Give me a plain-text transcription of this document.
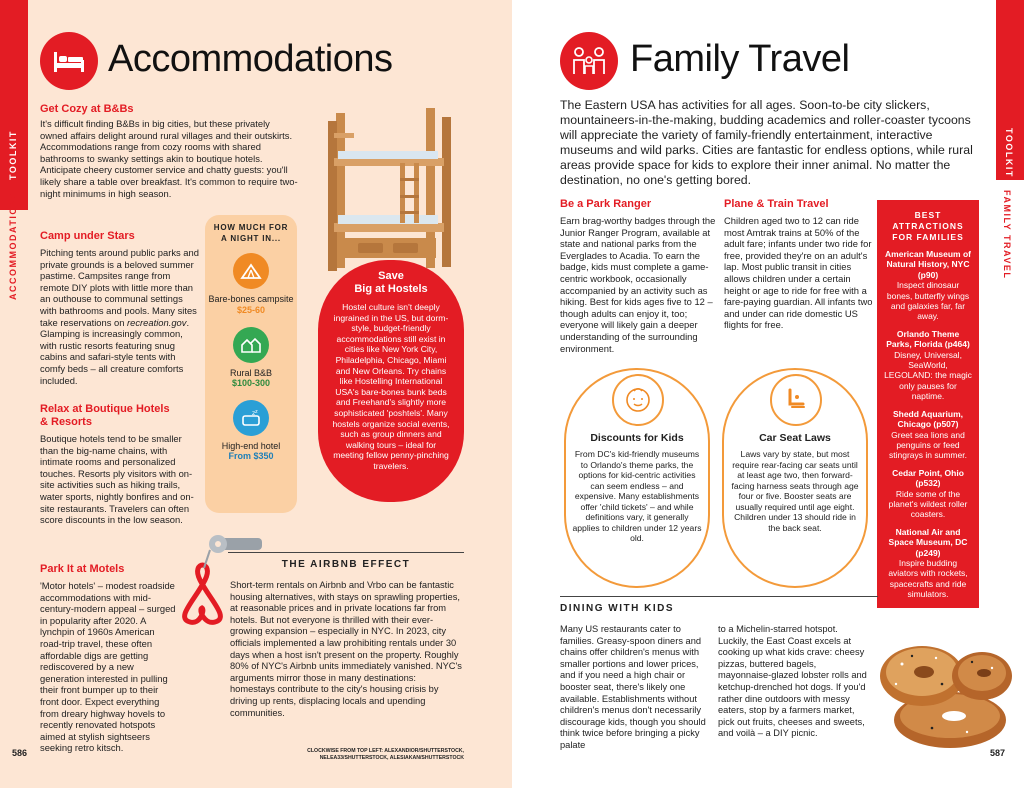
TOOLKIT
ACCOMMODATIONS
Accommodations
Get Cozy at B&Bs

It's difficult finding B&Bs in big cities, but these privately owned affairs delight around rural villages and their outskirts. Accommodations range from cozy rooms with shared bathrooms to swanky settings akin to boutique hotels. Anticipate cheery customer service and chatty guests: you'll likely share a table over breakfast. It's common to require two-night minimums in high season.

Camp under Stars

Pitching tents around public parks and private grounds is a beloved summer pastime. Campsites range from remote DIY plots with little more than an outhouse to communal settings with bathrooms and pools. Many sites take reservations on recreation.gov. Glamping is increasingly common, with rustic resorts featuring snug cabins and safari-style tents with comfy beds – all creature comforts included.

Relax at Boutique Hotels
& Resorts

Boutique hotels tend to be smaller than the big-name chains, with intimate rooms and personalized touches. Resorts ply visitors with on-site activities such as hiking trails, water sports, nightly bonfires and on-site restaurants. Travelers can often score discounts in the low season.

Park It at Motels

'Motor hotels' – modest roadside accommodations with mid-century-modern appeal – surged in popularity after 2020. A lynchpin of 1960s American road-trip travel, these often affordable digs are getting rediscovered by a new generation interested in pulling their front bumper up to their front door. Expect everything from dreary highway hovels to recently renovated hotspots aimed at stylish sightseers seeking retro kitsch.

HOW MUCH FOR A NIGHT IN...
Bare-bones campsite
$25-60
Rural B&B
$100-300
z z
High-end hotel
From $350
Save
Big at Hostels

Hostel culture isn't deeply ingrained in the US, but dorm-style, budget-friendly accommodations still exist in cities like New York City, Philadelphia, Chicago, Miami and New Orleans. Try chains like Hostelling International USA's bare-bones bunk beds and Freehand's slightly more sophisticated 'poshtels'. Many hostels organize social events, such as group dinners and walking tours – ideal for meeting fellow penny-pinching travelers.

THE AIRBNB EFFECT

Short-term rentals on Airbnb and Vrbo can be fantastic housing alternatives, with stays on sprawling properties, at reasonable prices and in private locations far from hotels. But not everyone is thrilled with their ever-growing expansion – especially in NYC. In 2023, city officials implemented a law prohibiting rentals under 30 days when a host isn't present on the property. Roughly 80% of NYC's Airbnb units immediately vanished. NYC's arguments mirror those in many destinations: homestays contribute to the city's housing crisis by driving up rents, displacing locals and upending communities.

586	CLOCKWISE FROM TOP LEFT: ALEXANDIOR/SHUTTERSTOCK, NELEA33/SHUTTERSTOCK, ALESIAKAN/SHUTTERSTOCK
TOOLKIT
FAMILY TRAVEL
Family Travel

The Eastern USA has activities for all ages. Soon-to-be city slickers, mountaineers-in-the-making, budding academics and roller-coaster tycoons will appreciate the variety of family-friendly entertainment, interactive museums and wild parks. Cities are fantastic for endless options, while rural areas provide space for kids to explore their inner animal. No matter the destination, no one's getting bored.

Be a Park Ranger

Earn brag-worthy badges through the Junior Ranger Program, available at state and national parks from the Everglades to Acadia. To earn the badge, kids must complete a game-centric workbook, occasionally accompanied by an activity such as hiking. Best for kids ages five to 12 – though adults can enjoy it, too; everyone will likely gain a deeper understanding of the surrounding environment.

Plane & Train Travel

Children aged two to 12 can ride most Amtrak trains at 50% of the adult fare; infants under two ride for free, provided they're on an adult's lap. Most public transit in cities allows children under a certain height or age to ride for free with a fare-paying guardian. All infants two and under can ride domestic US flights for free.

Discounts for Kids

From DC's kid-friendly museums to Orlando's theme parks, the options for kid-centric activities can seem endless – and expensive. Many establishments offer 'child tickets' – and while definitions vary, it generally applies to children under 12 years old.

Car Seat Laws

Laws vary by state, but most require rear-facing car seats until at least age two, then forward-facing harness seats through age four or five. Booster seats are usually required until age eight. Children under 13 should ride in the back seat.

BEST ATTRACTIONS FOR FAMILIES
American Museum of Natural History, NYC (p90)
Inspect dinosaur bones, butterfly wings and galaxies far, far away.
Orlando Theme Parks, Florida (p464)
Disney, Universal, SeaWorld, LEGOLAND: the magic only pauses for naptime.
Shedd Aquarium, Chicago (p507)
Greet sea lions and penguins or feed stingrays in summer.
Cedar Point, Ohio (p532)
Ride some of the planet's wildest roller coasters.
National Air and Space Museum, DC (p249)
Inspire budding aviators with rockets, spacecrafts and ride simulators.
DINING WITH KIDS

Many US restaurants cater to families. Greasy-spoon diners and chains offer children's menus with smaller portions and lower prices, and if you need a high chair or booster seat, there's likely one available. Establishments without children's menus don't necessarily discourage kids, though you should think twice before bringing a picky palate

to a Michelin-starred hotspot. Luckily, the East Coast excels at cooking up what kids crave: cheesy pizzas, buttered bagels, mayonnaise-glazed lobster rolls and ketchup-drenched hot dogs. If you'd rather dine outdoors with messy eaters, stop by a farmers market, pick out fruits, cheeses and sweets, and voilà – a DIY picnic.

587
